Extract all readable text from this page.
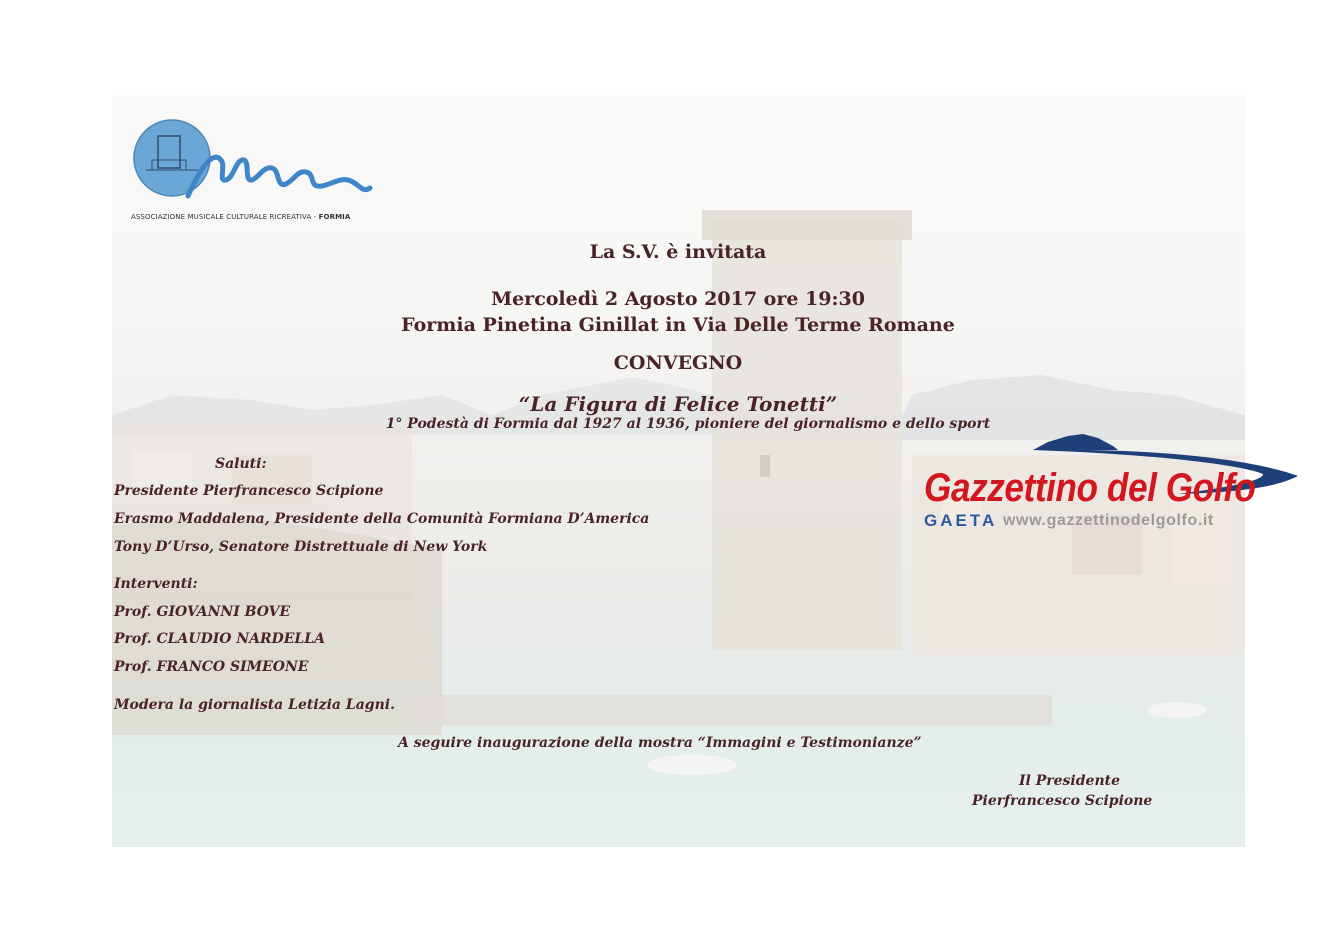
ASSOCIAZIONE MUSICALE CULTURALE RICREATIVA - FORMIA
La S.V. è invitata
Mercoledì 2 Agosto 2017 ore 19:30
Formia Pinetina Ginillat in Via Delle Terme Romane
CONVEGNO
“La Figura di Felice Tonetti”
1° Podestà di Formia dal 1927 al 1936, pioniere del giornalismo e dello sport
Saluti:
Presidente Pierfrancesco Scipione
Erasmo Maddalena, Presidente della Comunità Formiana D’America
Tony D’Urso, Senatore Distrettuale di New York
Interventi:
Prof. GIOVANNI BOVE
Prof. CLAUDIO NARDELLA
Prof. FRANCO SIMEONE
Modera la giornalista Letizia Lagni.
A seguire inaugurazione della mostra “Immagini e Testimonianze”
Il Presidente
Pierfrancesco Scipione
Gazzettino del Golfo
GAETA www.gazzettinodelgolfo.it
